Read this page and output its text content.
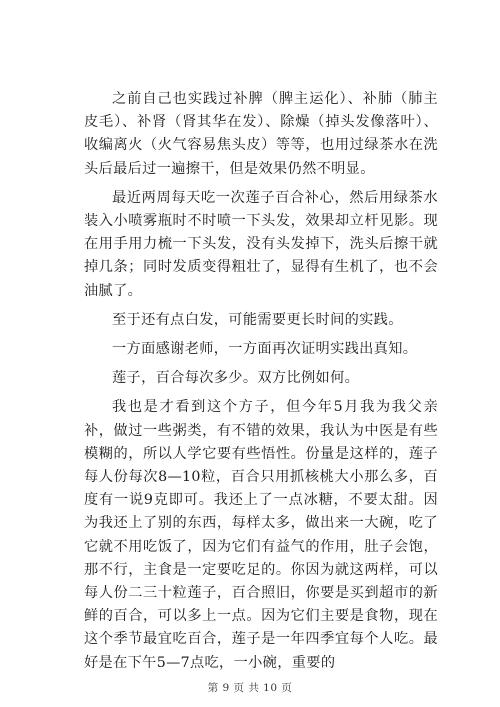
之前自己也实践过补脾（脾主运化）、补肺（肺主皮毛）、补肾（肾其华在发）、除燥（掉头发像落叶）、收编离火（火气容易焦头皮）等等，也用过绿茶水在洗头后最后过一遍擦干，但是效果仍然不明显。

最近两周每天吃一次莲子百合补心，然后用绿茶水装入小喷雾瓶时不时喷一下头发，效果却立杆见影。现在用手用力梳一下头发，没有头发掉下，洗头后擦干就掉几条；同时发质变得粗壮了，显得有生机了，也不会油腻了。

至于还有点白发，可能需要更长时间的实践。

一方面感谢老师，一方面再次证明实践出真知。

莲子，百合每次多少。双方比例如何。

我也是才看到这个方子，但今年5月我为我父亲补，做过一些粥类，有不错的效果，我认为中医是有些模糊的，所以人学它要有些悟性。份量是这样的，莲子每人份每次8—10粒，百合只用抓核桃大小那么多，百度有一说9克即可。我还上了一点冰糖，不要太甜。因为我还上了别的东西，每样太多，做出来一大碗，吃了它就不用吃饭了，因为它们有益气的作用，肚子会饱，那不行，主食是一定要吃足的。你因为就这两样，可以每人份二三十粒莲子，百合照旧，你要是买到超市的新鲜的百合，可以多上一点。因为它们主要是食物，现在这个季节最宜吃百合，莲子是一年四季宜每个人吃。最好是在下午5—7点吃，一小碗，重要的

第 9 页 共 10 页
